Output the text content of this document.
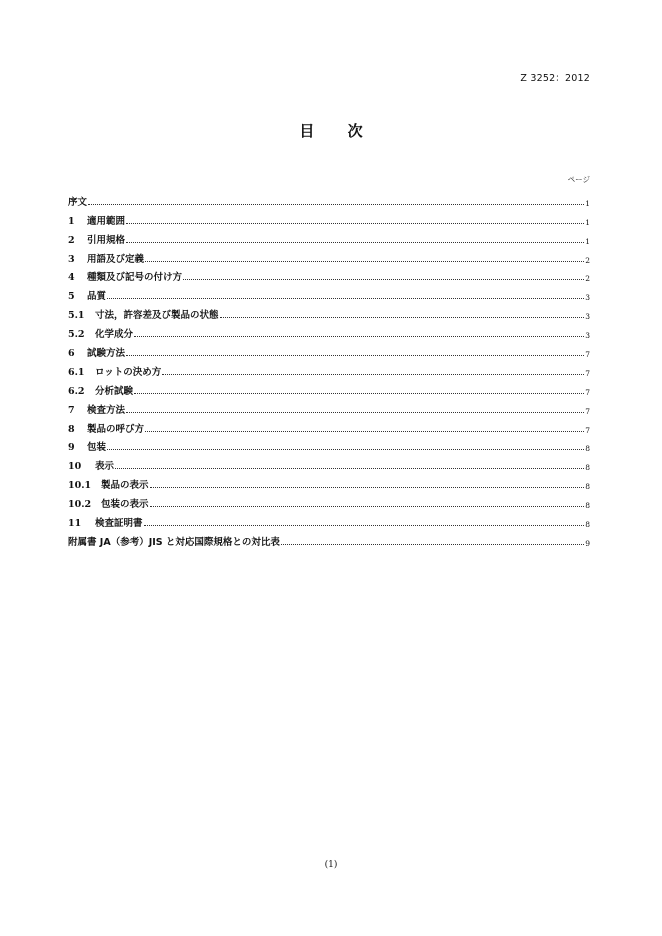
Z 3252：2012
目 次
ページ
序文	1
1	適用範囲	1
2	引用規格	1
3	用語及び定義	2
4	種類及び記号の付け方	2
5	品質	3
5.1	寸法，許容差及び製品の状態	3
5.2	化学成分	3
6	試験方法	7
6.1	ロットの決め方	7
6.2	分析試験	7
7	検査方法	7
8	製品の呼び方	7
9	包装	8
10	表示	8
10.1	製品の表示	8
10.2	包装の表示	8
11	検査証明書	8
附属書 JA（参考）JIS と対応国際規格との対比表	9
(1)
